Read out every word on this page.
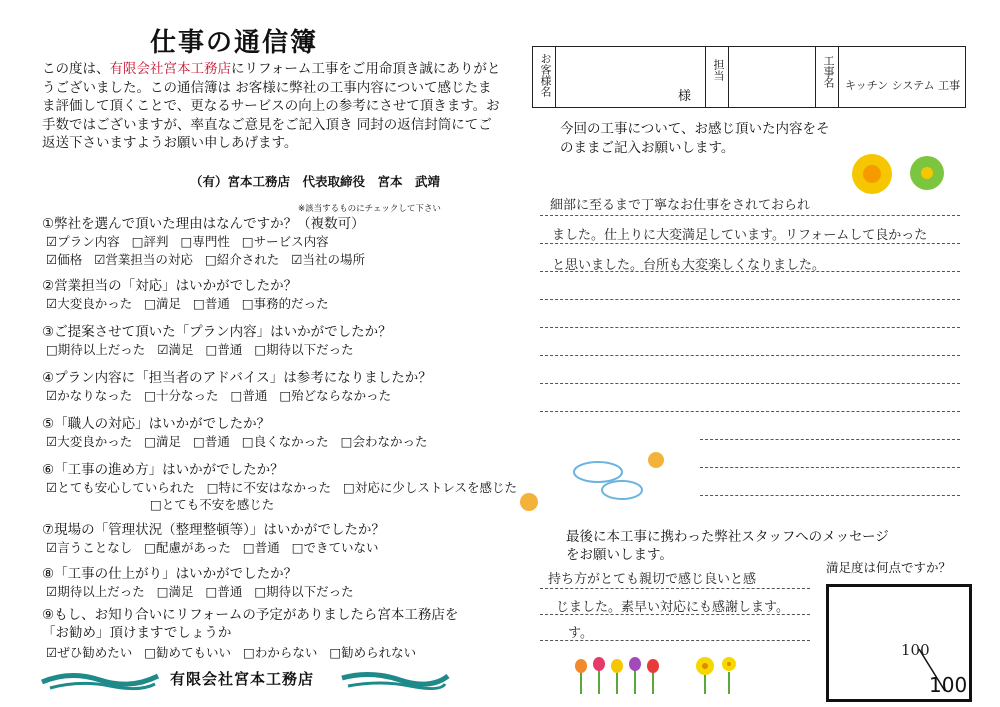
仕事の通信簿
この度は、有限会社宮本工務店にリフォーム工事をご用命頂き誠にありがとうございました。この通信簿は お客様に弊社の工事内容について感じたまま評価して頂くことで、更なるサービスの向上の参考にさせて頂きます。お手数ではございますが、率直なご意見をご記入頂き 同封の返信封筒にてご返送下さいますようお願い申しあげます。
（有）宮本工務店　代表取締役　宮本　武靖
※該当するものにチェックして下さい
①弊社を選んで頂いた理由はなんですか？（複数可）
☑プラン内容 □評判 □専門性 □サービス内容
☑価格 ☑営業担当の対応 □紹介された ☑当社の場所
②営業担当の「対応」はいかがでしたか？
☑大変良かった □満足 □普通 □事務的だった
③ご提案させて頂いた「プラン内容」はいかがでしたか？
□期待以上だった ☑満足 □普通 □期待以下だった
④プラン内容に「担当者のアドバイス」は参考になりましたか？
☑かなりなった □十分なった □普通 □殆どならなかった
⑤「職人の対応」はいかがでしたか？
☑大変良かった □満足 □普通 □良くなかった □会わなかった
⑥「工事の進め方」はいかがでしたか？
☑とても安心していられた □特に不安はなかった □対応に少しストレスを感じた
□とても不安を感じた
⑦現場の「管理状況（整理整頓等）」はいかがでしたか？
☑言うことなし □配慮があった □普通 □できていない
⑧「工事の仕上がり」はいかがでしたか？
☑期待以上だった □満足 □普通 □期待以下だった
⑨もし、お知り合いにリフォームの予定がありましたら宮本工務店を「お勧め」頂けますでしょうか
☑ぜひ勧めたい □勧めてもいい □わからない □勧められない
有限会社宮本工務店
お客様名	様
担当	工事名 キッチン システム 工事
今回の工事について、お感じ頂いた内容をそのままご記入お願いします。
細部に至るまで丁寧なお仕事をされておられ
ました。仕上りに大変満足しています。リフォームして良かった
と思いました。台所も大変楽しくなりました。
最後に本工事に携わった弊社スタッフへのメッセージをお願いします。
満足度は何点ですか？
持ち方がとても親切で感じ良いと感
じました。素早い対応にも感謝します。
す。
100
100
